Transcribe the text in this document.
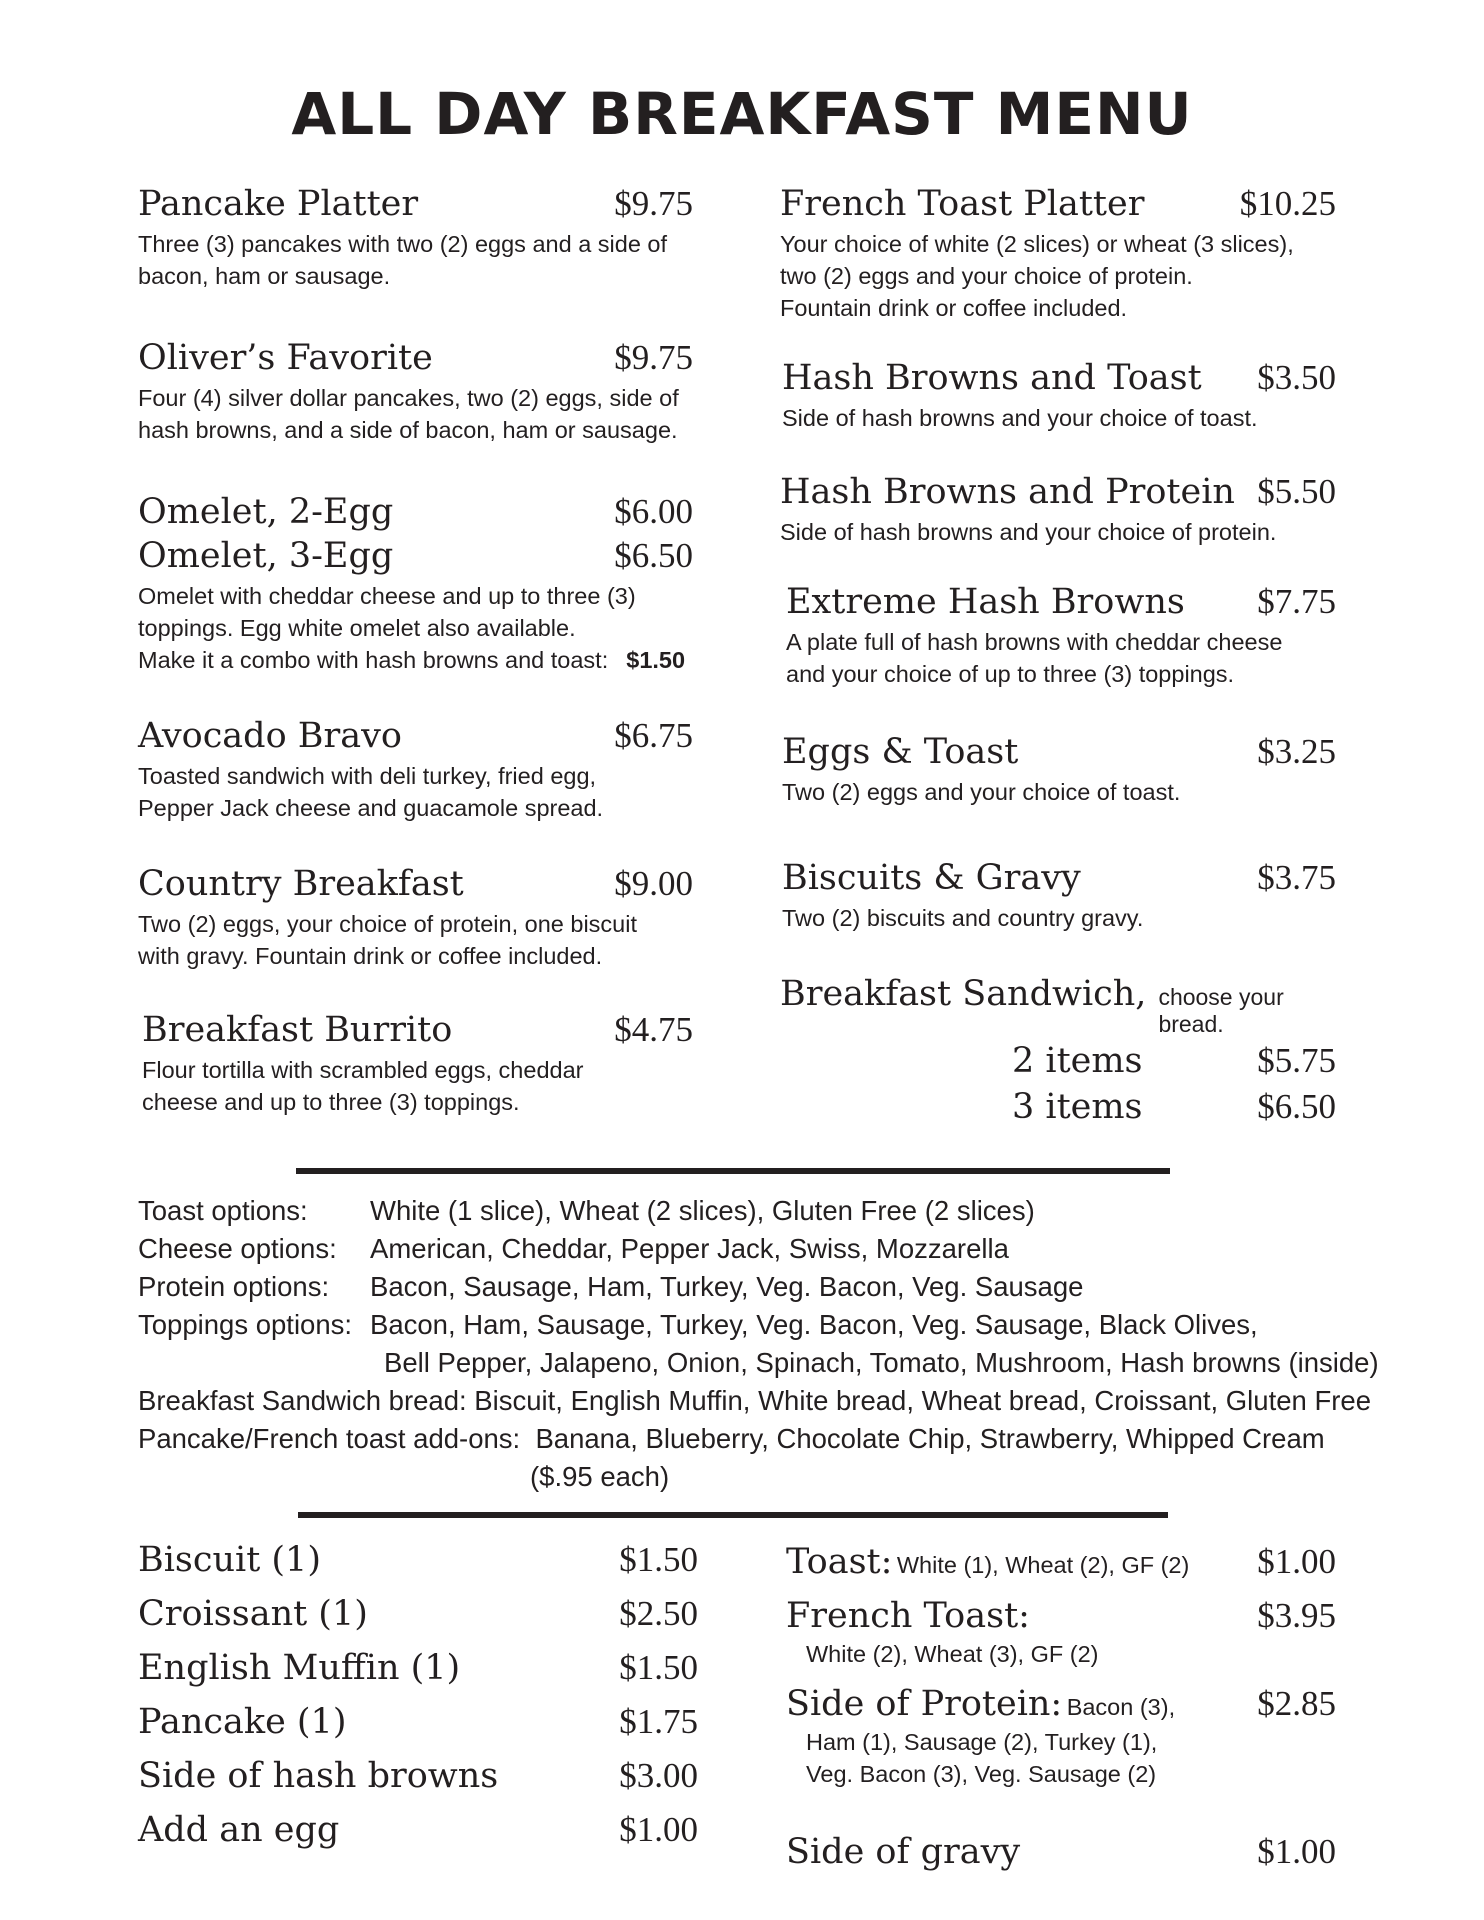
ALL DAY BREAKFAST MENU
Pancake Platter	$9.75
Three (3) pancakes with two (2) eggs and a side of
bacon, ham or sausage.
Oliver’s Favorite	$9.75
Four (4) silver dollar pancakes, two (2) eggs, side of
hash browns, and a side of bacon, ham or sausage.
Omelet, 2-Egg	$6.00
Omelet, 3-Egg	$6.50
Omelet with cheddar cheese and up to three (3)
toppings. Egg white omelet also available.
Make it a combo with hash browns and toast: $1.50
Avocado Bravo	$6.75
Toasted sandwich with deli turkey, fried egg,
Pepper Jack cheese and guacamole spread.
Country Breakfast	$9.00
Two (2) eggs, your choice of protein, one biscuit
with gravy. Fountain drink or coffee included.
Breakfast Burrito	$4.75
Flour tortilla with scrambled eggs, cheddar
cheese and up to three (3) toppings.
French Toast Platter	$10.25
Your choice of white (2 slices) or wheat (3 slices),
two (2) eggs and your choice of protein.
Fountain drink or coffee included.
Hash Browns and Toast $3.50
Side of hash browns and your choice of toast.
Hash Browns and Protein $5.50
Side of hash browns and your choice of protein.
Extreme Hash Browns $7.75
A plate full of hash browns with cheddar cheese
and your choice of up to three (3) toppings.
Eggs & Toast	$3.25
Two (2) eggs and your choice of toast.
Biscuits & Gravy	$3.75
Two (2) biscuits and country gravy.
Breakfast Sandwich, choose your bread.
2 items	$5.75
3 items	$6.50
Toast options:	White (1 slice), Wheat (2 slices), Gluten Free (2 slices)
Cheese options:	American, Cheddar, Pepper Jack, Swiss, Mozzarella
Protein options:	Bacon, Sausage, Ham, Turkey, Veg. Bacon, Veg. Sausage
Toppings options: Bacon, Ham, Sausage, Turkey, Veg. Bacon, Veg. Sausage, Black Olives,
Bell Pepper, Jalapeno, Onion, Spinach, Tomato, Mushroom, Hash browns (inside)
Breakfast Sandwich bread: Biscuit, English Muffin, White bread, Wheat bread, Croissant, Gluten Free
Pancake/French toast add-ons:  Banana, Blueberry, Chocolate Chip, Strawberry, Whipped Cream
($.95 each)
Biscuit (1)	$1.50
Croissant (1)	$2.50
English Muffin (1)	$1.50
Pancake (1)	$1.75
Side of hash browns	$3.00
Add an egg	$1.00
Toast: White (1), Wheat (2), GF (2) $1.00
French Toast:	$3.95
White (2), Wheat (3), GF (2)
Side of Protein: Bacon (3), $2.85
Ham (1), Sausage (2), Turkey (1),
Veg. Bacon (3), Veg. Sausage (2)
Side of gravy	$1.00
